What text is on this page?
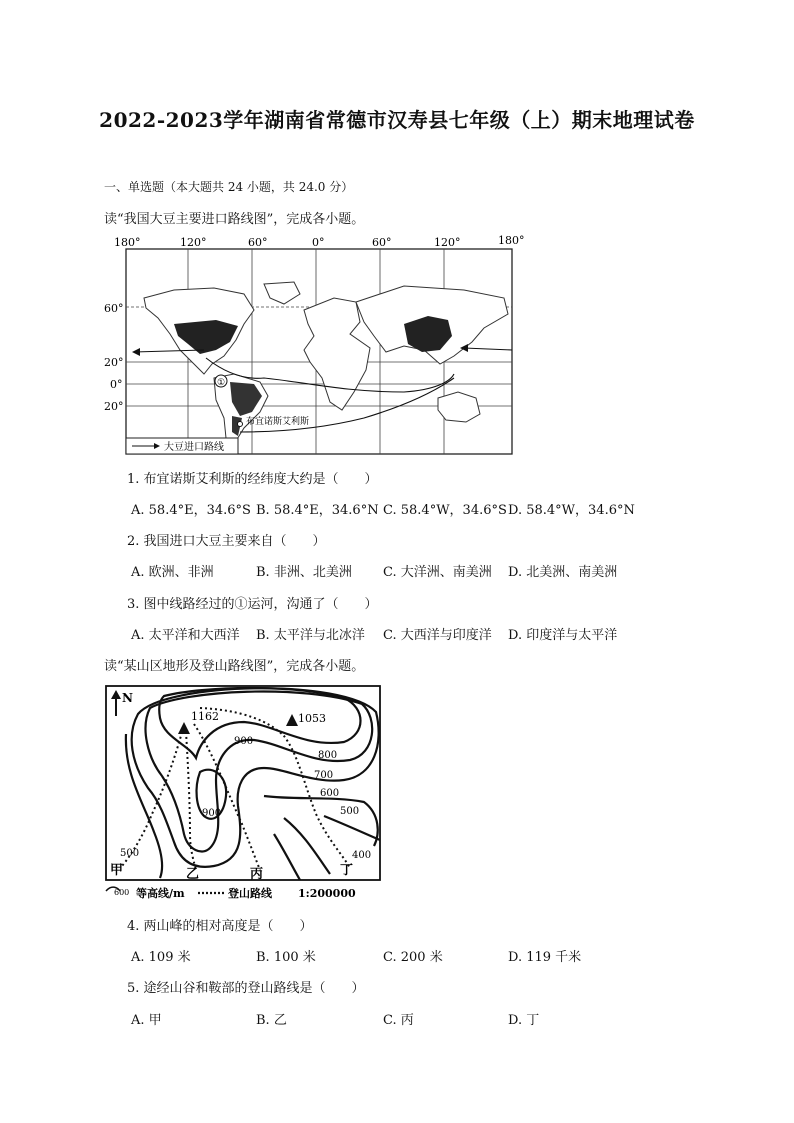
2022-2023学年湖南省常德市汉寿县七年级（上）期末地理试卷
一、单选题（本大题共 24 小题，共 24.0 分）
读“我国大豆主要进口路线图”，完成各小题。
180°	120°	60°	0°	60°	120°	180°
60°
20°
0°
20°
①
布宜诺斯艾利斯
大豆进口路线
1. 布宜诺斯艾利斯的经纬度大约是（　　）
A. 58.4°E，34.6°S B. 58.4°E，34.6°N C. 58.4°W，34.6°S D. 58.4°W，34.6°N
2. 我国进口大豆主要来自（　　）
A. 欧洲、非洲	B. 非洲、北美洲 C. 大洋洲、南美洲 D. 北美洲、南美洲
3. 图中线路经过的①运河，沟通了（　　）
A. 太平洋和大西洋 B. 太平洋与北冰洋 C. 大西洋与印度洋 D. 印度洋与太平洋
读“某山区地形及登山路线图”，完成各小题。
N
1162	1053
900
800
700
600
500
900
500	400
甲	乙	丙	丁
600 等高线/m	登山路线 1:200000
4. 两山峰的相对高度是（　　）
A. 109 米	B. 100 米	C. 200 米	D. 119 千米
5. 途经山谷和鞍部的登山路线是（　　）
A. 甲	B. 乙	C. 丙	D. 丁
